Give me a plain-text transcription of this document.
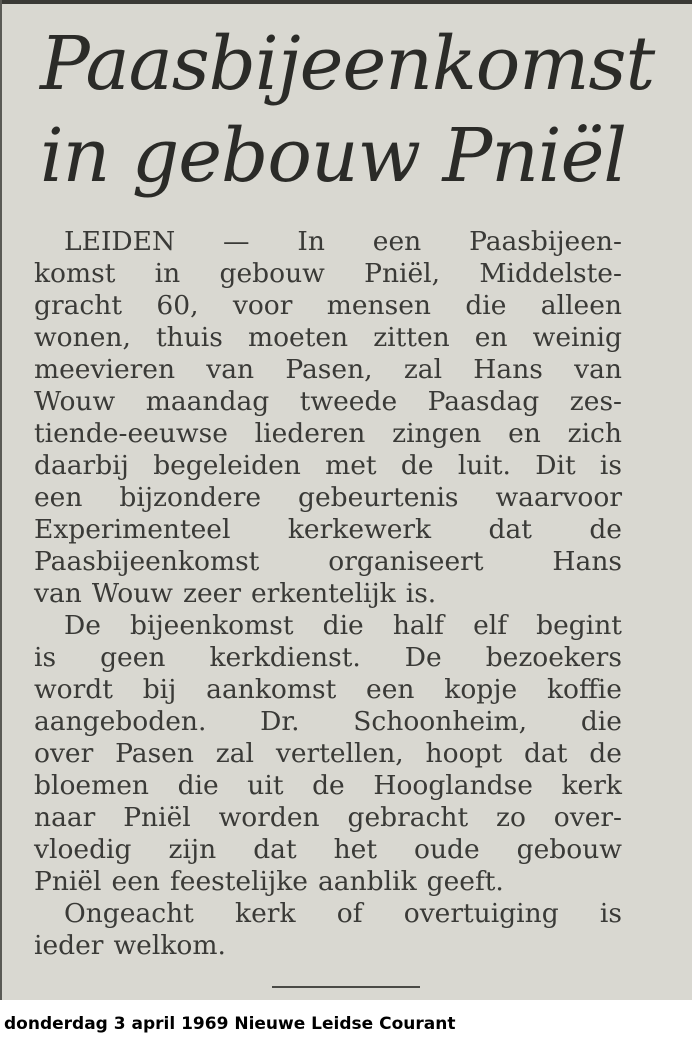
Paasbijeenkomst
in gebouw Pniël
LEIDEN — In een Paasbijeen-
komst in gebouw Pniël, Middelste-
gracht 60, voor mensen die alleen
wonen, thuis moeten zitten en weinig
meevieren van Pasen, zal Hans van
Wouw maandag tweede Paasdag zes-
tiende-eeuwse liederen zingen en zich
daarbij begeleiden met de luit. Dit is
een bijzondere gebeurtenis waarvoor
Experimenteel kerkewerk dat de
Paasbijeenkomst	organiseert	Hans
van Wouw zeer erkentelijk is.
De bijeenkomst die half elf begint
is geen kerkdienst. De bezoekers
wordt bij aankomst een kopje koffie
aangeboden. Dr. Schoonheim, die
over Pasen zal vertellen, hoopt dat de
bloemen die uit de Hooglandse kerk
naar Pniël worden gebracht zo over-
vloedig zijn dat het oude gebouw
Pniël een feestelijke aanblik geeft.
Ongeacht kerk of overtuiging is
ieder welkom.
donderdag 3 april 1969 Nieuwe Leidse Courant
